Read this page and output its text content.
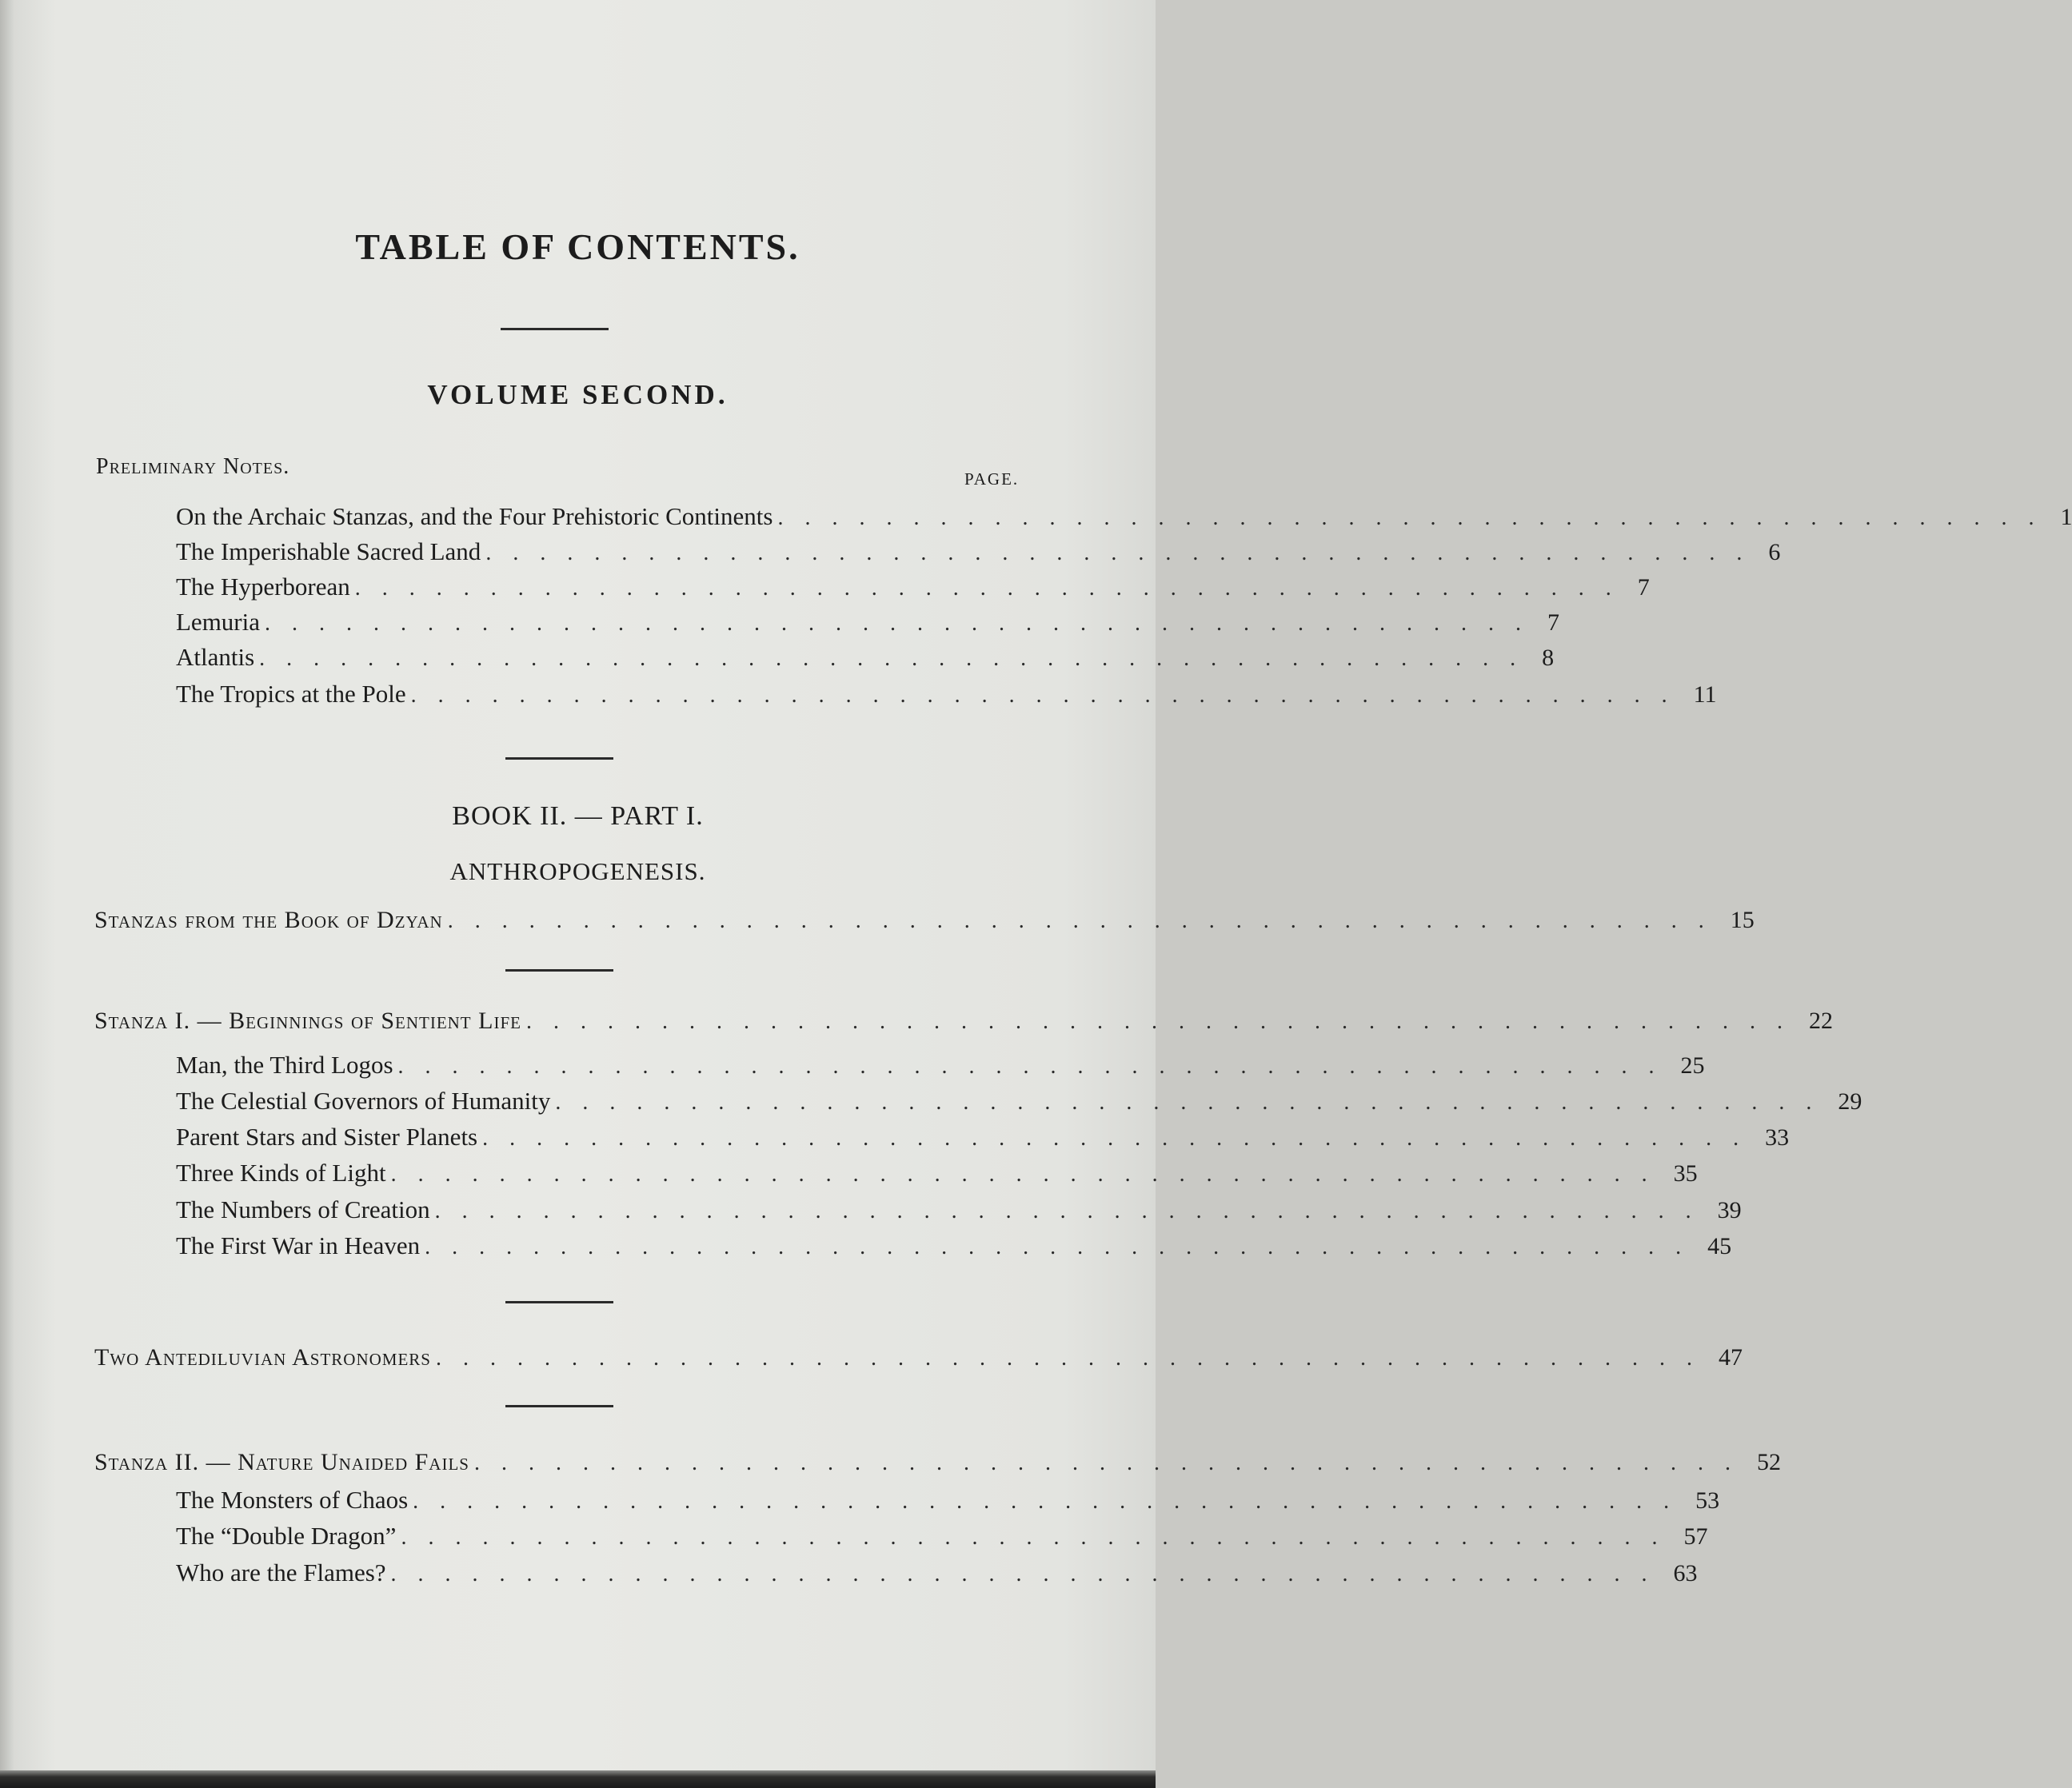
TABLE OF CONTENTS.
VOLUME SECOND.
Preliminary Notes.	PAGE.
On the Archaic Stanzas, and the Four Prehistoric Continents ............................................... 1
The Imperishable Sacred Land ............................................... 6
The Hyperborean ............................................... 7
Lemuria ............................................... 7
Atlantis ............................................... 8
The Tropics at the Pole ............................................... 11
BOOK II. — PART I.
ANTHROPOGENESIS.
Stanzas from the Book of Dzyan ............................................... 15
Stanza I. — Beginnings of Sentient Life ............................................... 22
Man, the Third Logos ............................................... 25
The Celestial Governors of Humanity ............................................... 29
Parent Stars and Sister Planets ............................................... 33
Three Kinds of Light ............................................... 35
The Numbers of Creation ............................................... 39
The First War in Heaven ............................................... 45
Two Antediluvian Astronomers ............................................... 47
Stanza II. — Nature Unaided Fails ............................................... 52
The Monsters of Chaos ............................................... 53
The “Double Dragon” ............................................... 57
Who are the Flames? ............................................... 63
